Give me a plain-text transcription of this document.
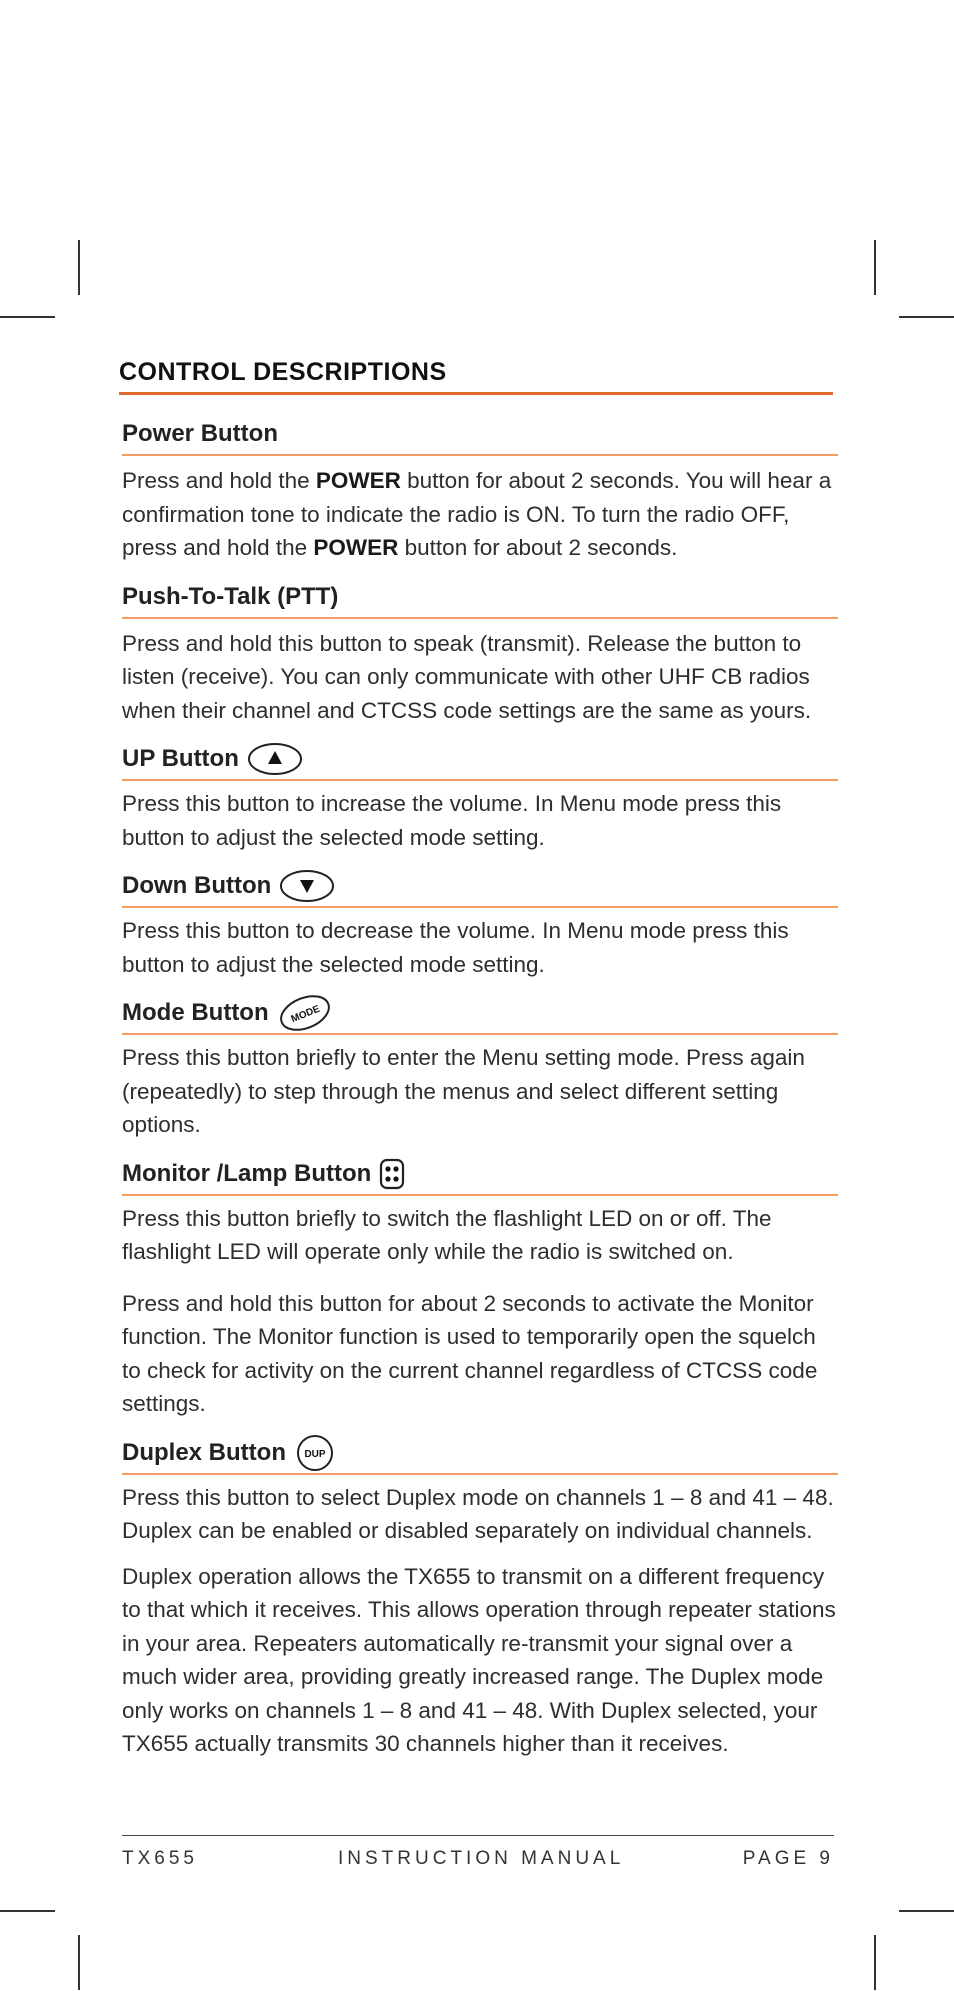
CONTROL DESCRIPTIONS
Power Button

Press and hold the POWER button for about 2 seconds. You will hear a confirmation tone to indicate the radio is ON. To turn the radio OFF, press and hold the POWER button for about 2 seconds.

Push-To-Talk (PTT)

Press and hold this button to speak (transmit). Release the button to listen (receive). You can only communicate with other UHF CB radios when their channel and CTCSS code settings are the same as yours.

UP Button

Press this button to increase the volume. In Menu mode press this button to adjust the selected mode setting.

Down Button

Press this button to decrease the volume. In Menu mode press this button to adjust the selected mode setting.

Mode Button MODE

Press this button briefly to enter the Menu setting mode. Press again (repeatedly) to step through the menus and select different setting options.

Monitor /Lamp Button

Press this button briefly to switch the flashlight LED on or off. The flashlight LED will operate only while the radio is switched on.

Press and hold this button for about 2 seconds to activate the Monitor function. The Monitor function is used to temporarily open the squelch to check for activity on the current channel regardless of CTCSS code settings.

Duplex Button DUP

Press this button to select Duplex mode on channels 1 – 8 and 41 – 48. Duplex can be enabled or disabled separately on individual channels.

Duplex operation allows the TX655 to transmit on a different frequency to that which it receives. This allows operation through repeater stations in your area. Repeaters automatically re-transmit your signal over a much wider area, providing greatly increased range. The Duplex mode only works on channels 1 – 8 and 41 – 48. With Duplex selected, your TX655 actually transmits 30 channels higher than it receives.

TX655	INSTRUCTION MANUAL	PAGE 9
